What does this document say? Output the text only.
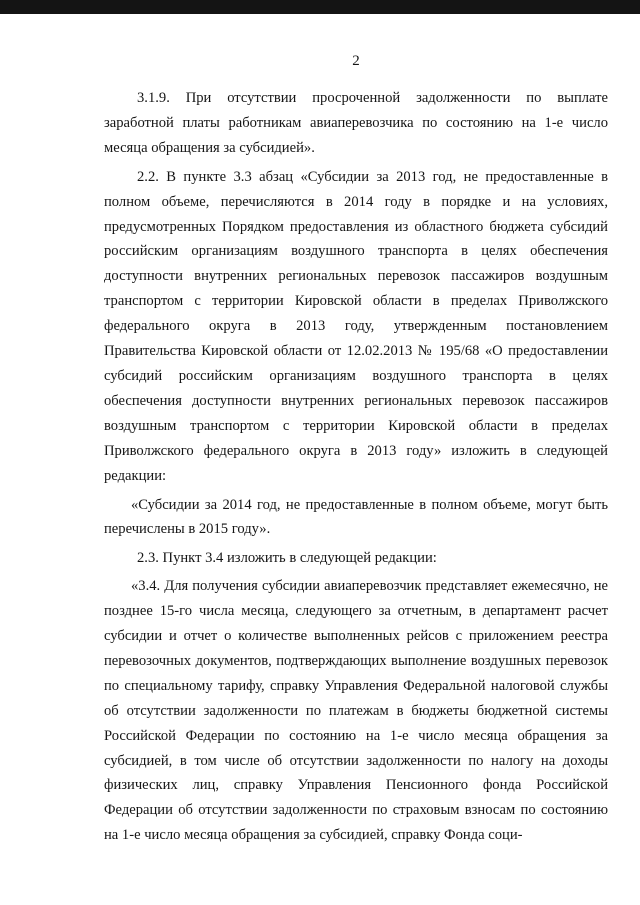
2

3.1.9. При отсутствии просроченной задолженности по выплате заработной платы работникам авиаперевозчика по состоянию на 1-е число месяца обращения за субсидией».

2.2. В пункте 3.3 абзац «Субсидии за 2013 год, не предоставленные в полном объеме, перечисляются в 2014 году в порядке и на условиях, предусмотренных Порядком предоставления из областного бюджета субсидий российским организациям воздушного транспорта в целях обеспечения доступности внутренних региональных перевозок пассажиров воздушным транспортом с территории Кировской области в пределах Приволжского федерального округа в 2013 году, утвержденным постановлением Правительства Кировской области от 12.02.2013 № 195/68 «О предоставлении субсидий российским организациям воздушного транспорта в целях обеспечения доступности внутренних региональных перевозок пассажиров воздушным транспортом с территории Кировской области в пределах Приволжского федерального округа в 2013 году» изложить в следующей редакции:

«Субсидии за 2014 год, не предоставленные в полном объеме, могут быть перечислены в 2015 году».

2.3. Пункт 3.4 изложить в следующей редакции:

«3.4. Для получения субсидии авиаперевозчик представляет ежемесячно, не позднее 15-го числа месяца, следующего за отчетным, в департамент расчет субсидии и отчет о количестве выполненных рейсов с приложением реестра перевозочных документов, подтверждающих выполнение воздушных перевозок по специальному тарифу, справку Управления Федеральной налоговой службы об отсутствии задолженности по платежам в бюджеты бюджетной системы Российской Федерации по состоянию на 1-е число месяца обращения за субсидией, в том числе об отсутствии задолженности по налогу на доходы физических лиц, справку Управления Пенсионного фонда Российской Федерации об отсутствии задолженности по страховым взносам по состоянию на 1-е число месяца обращения за субсидией, справку Фонда соци-
